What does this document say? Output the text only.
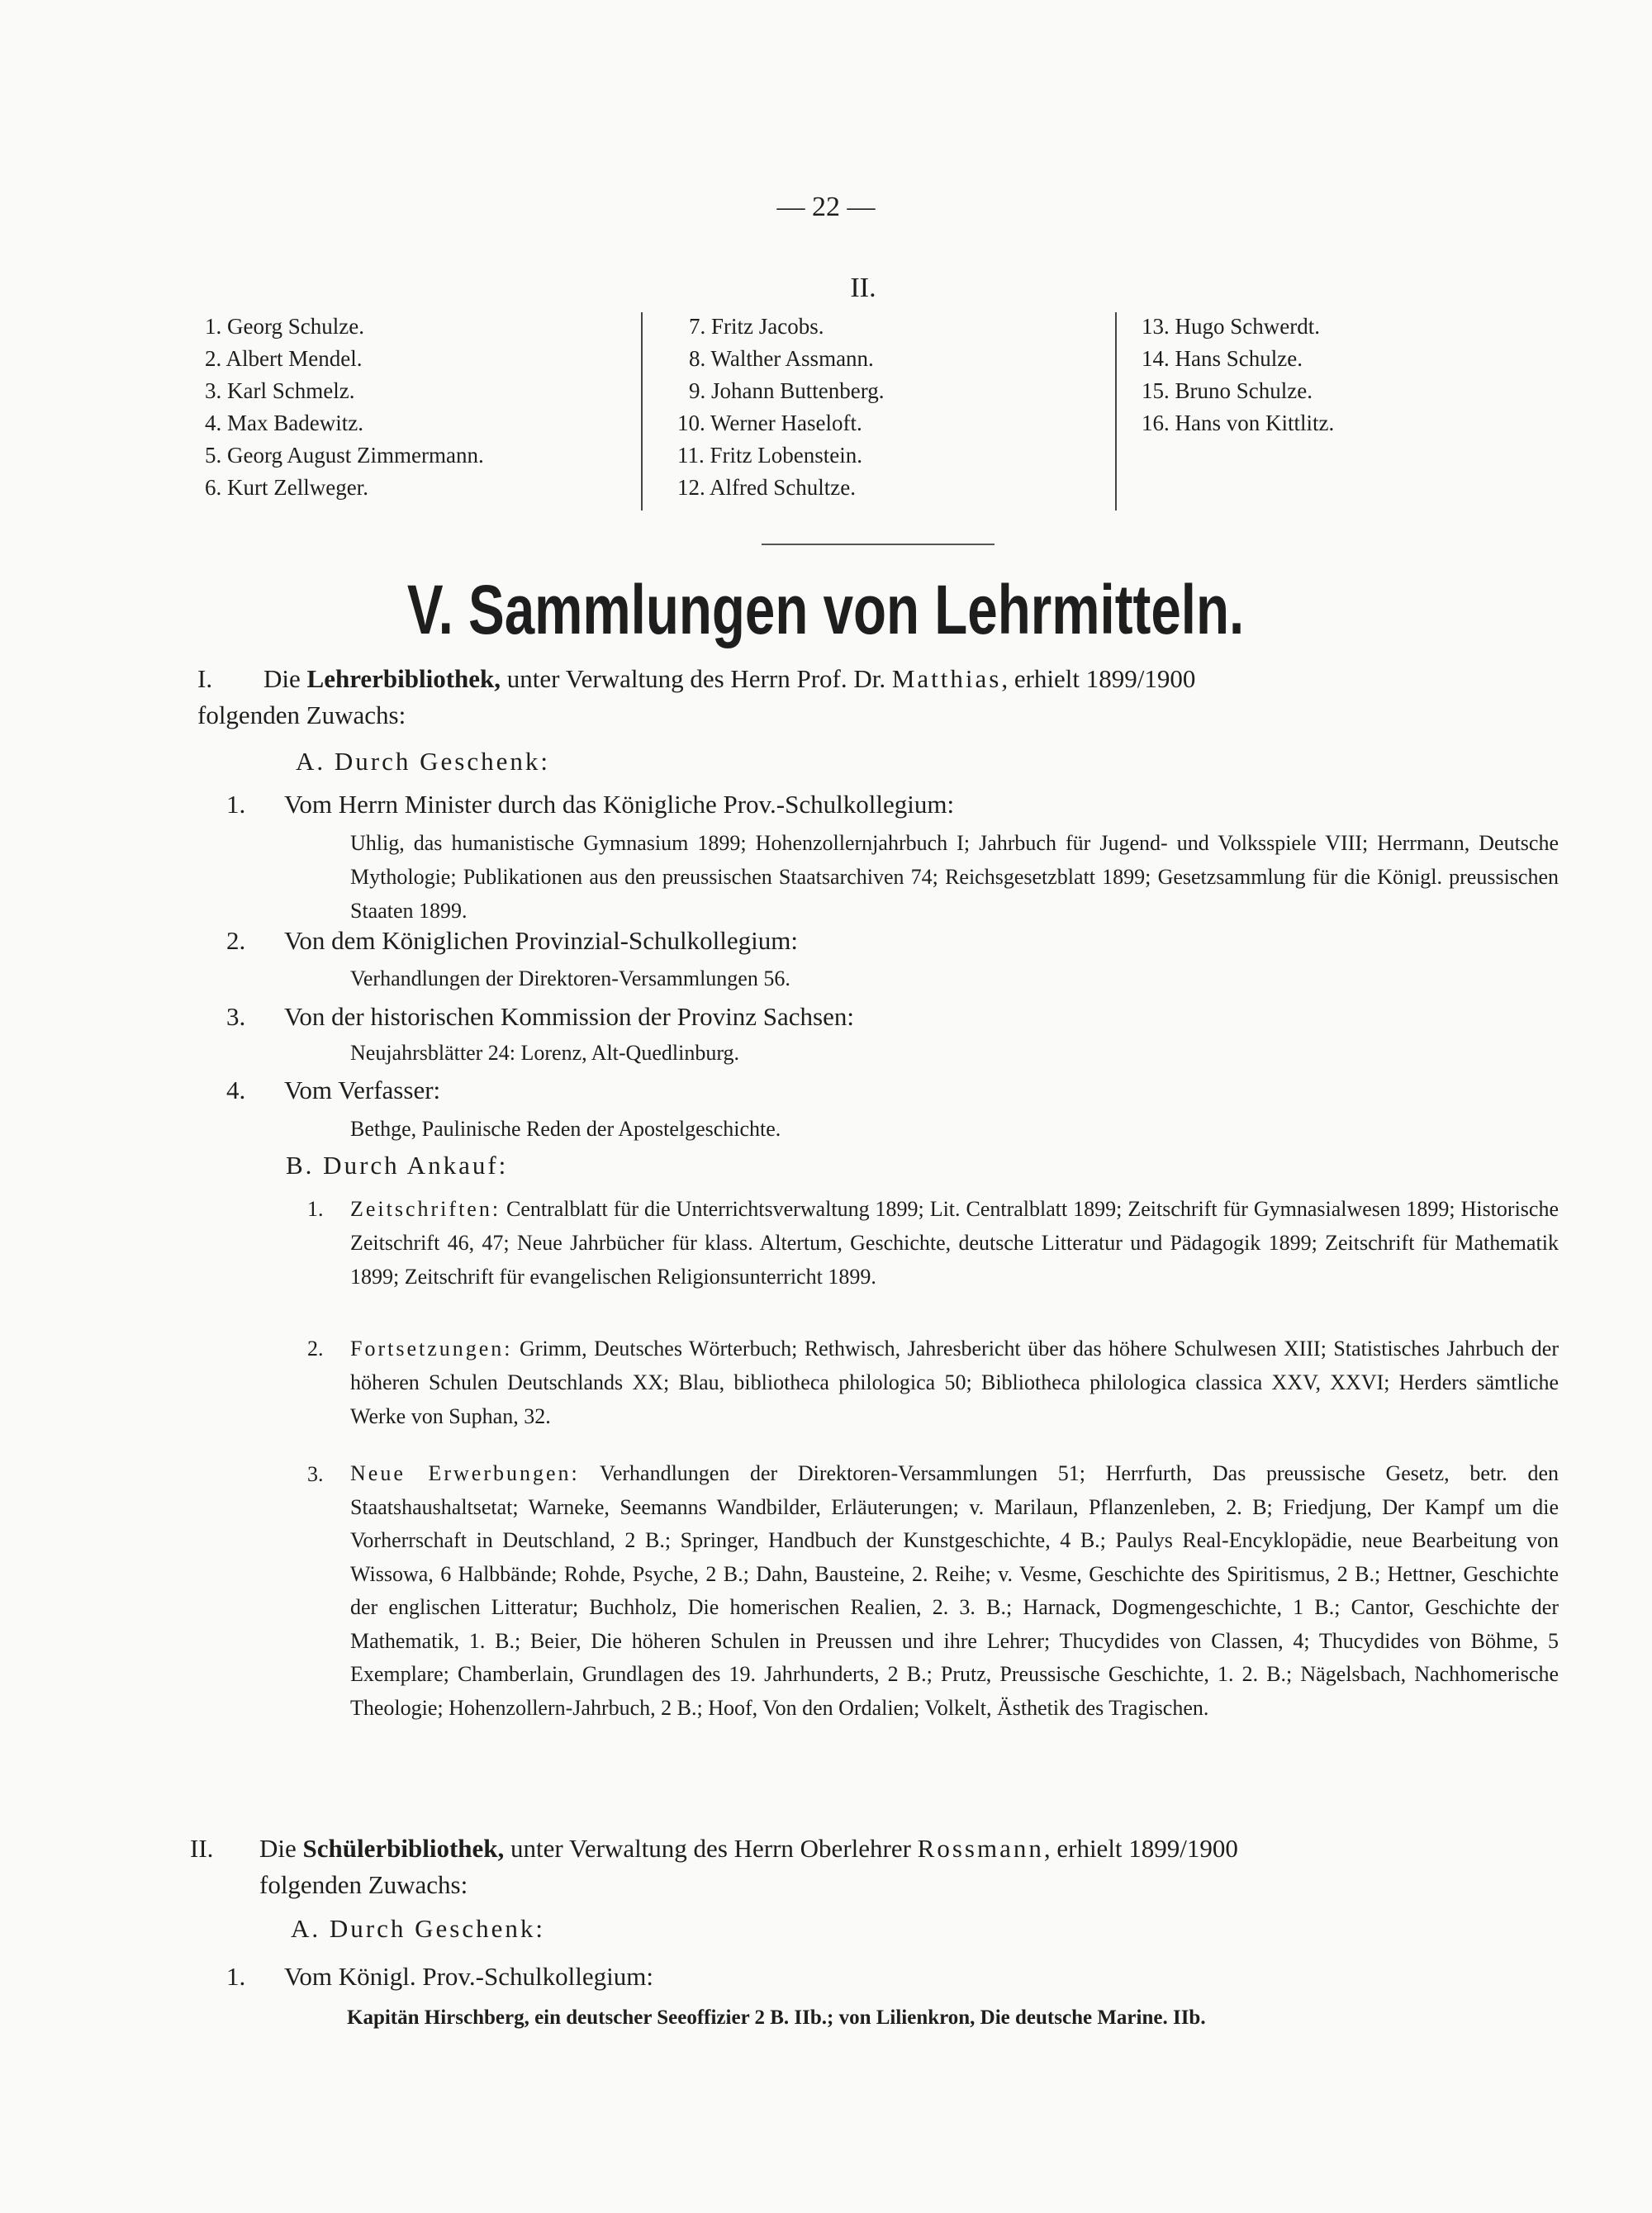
— 22 —
II.
1. Georg Schulze.
2. Albert Mendel.
3. Karl Schmelz.
4. Max Badewitz.
5. Georg August Zimmermann.
6. Kurt Zellweger.
7. Fritz Jacobs.
8. Walther Assmann.
9. Johann Buttenberg.
10. Werner Haseloft.
11. Fritz Lobenstein.
12. Alfred Schultze.
13. Hugo Schwerdt.
14. Hans Schulze.
15. Bruno Schulze.
16. Hans von Kittlitz.
V. Sammlungen von Lehrmitteln.
I. Die Lehrerbibliothek, unter Verwaltung des Herrn Prof. Dr. Matthias, erhielt 1899/1900
folgenden Zuwachs:
A. Durch Geschenk:
1. Vom Herrn Minister durch das Königliche Prov.-Schulkollegium:
Uhlig, das humanistische Gymnasium 1899; Hohenzollernjahrbuch I; Jahrbuch für Jugend- und Volksspiele VIII; Herrmann, Deutsche Mythologie; Publikationen aus den preussischen Staatsarchiven 74; Reichsgesetzblatt 1899; Gesetzsammlung für die Königl. preussischen Staaten 1899.
2. Von dem Königlichen Provinzial-Schulkollegium:
Verhandlungen der Direktoren-Versammlungen 56.
3. Von der historischen Kommission der Provinz Sachsen:
Neujahrsblätter 24: Lorenz, Alt-Quedlinburg.
4. Vom Verfasser:
Bethge, Paulinische Reden der Apostelgeschichte.
B. Durch Ankauf:
1. Zeitschriften: Centralblatt für die Unterrichtsverwaltung 1899; Lit. Centralblatt 1899; Zeitschrift für Gymnasialwesen 1899; Historische Zeitschrift 46, 47; Neue Jahrbücher für klass. Altertum, Geschichte, deutsche Litteratur und Pädagogik 1899; Zeitschrift für Mathematik 1899; Zeitschrift für evangelischen Religionsunterricht 1899.
2. Fortsetzungen: Grimm, Deutsches Wörterbuch; Rethwisch, Jahresbericht über das höhere Schulwesen XIII; Statistisches Jahrbuch der höheren Schulen Deutschlands XX; Blau, bibliotheca philologica 50; Bibliotheca philologica classica XXV, XXVI; Herders sämtliche Werke von Suphan, 32.
3. Neue Erwerbungen: Verhandlungen der Direktoren-Versammlungen 51; Herrfurth, Das preussische Gesetz, betr. den Staatshaushaltsetat; Warneke, Seemanns Wandbilder, Erläuterungen; v. Marilaun, Pflanzenleben, 2. B; Friedjung, Der Kampf um die Vorherrschaft in Deutschland, 2 B.; Springer, Handbuch der Kunstgeschichte, 4 B.; Paulys Real-Encyklopädie, neue Bearbeitung von Wissowa, 6 Halbbände; Rohde, Psyche, 2 B.; Dahn, Bausteine, 2. Reihe; v. Vesme, Geschichte des Spiritismus, 2 B.; Hettner, Geschichte der englischen Litteratur; Buchholz, Die homerischen Realien, 2. 3. B.; Harnack, Dogmengeschichte, 1 B.; Cantor, Geschichte der Mathematik, 1. B.; Beier, Die höheren Schulen in Preussen und ihre Lehrer; Thucydides von Classen, 4; Thucydides von Böhme, 5 Exemplare; Chamberlain, Grundlagen des 19. Jahrhunderts, 2 B.; Prutz, Preussische Geschichte, 1. 2. B.; Nägelsbach, Nachhomerische Theologie; Hohenzollern-Jahrbuch, 2 B.; Hoof, Von den Ordalien; Volkelt, Ästhetik des Tragischen.
II. Die Schülerbibliothek, unter Verwaltung des Herrn Oberlehrer Rossmann, erhielt 1899/1900
folgenden Zuwachs:
A. Durch Geschenk:
1. Vom Königl. Prov.-Schulkollegium:
Kapitän Hirschberg, ein deutscher Seeoffizier 2 B. IIb.; von Lilienkron, Die deutsche Marine. IIb.
